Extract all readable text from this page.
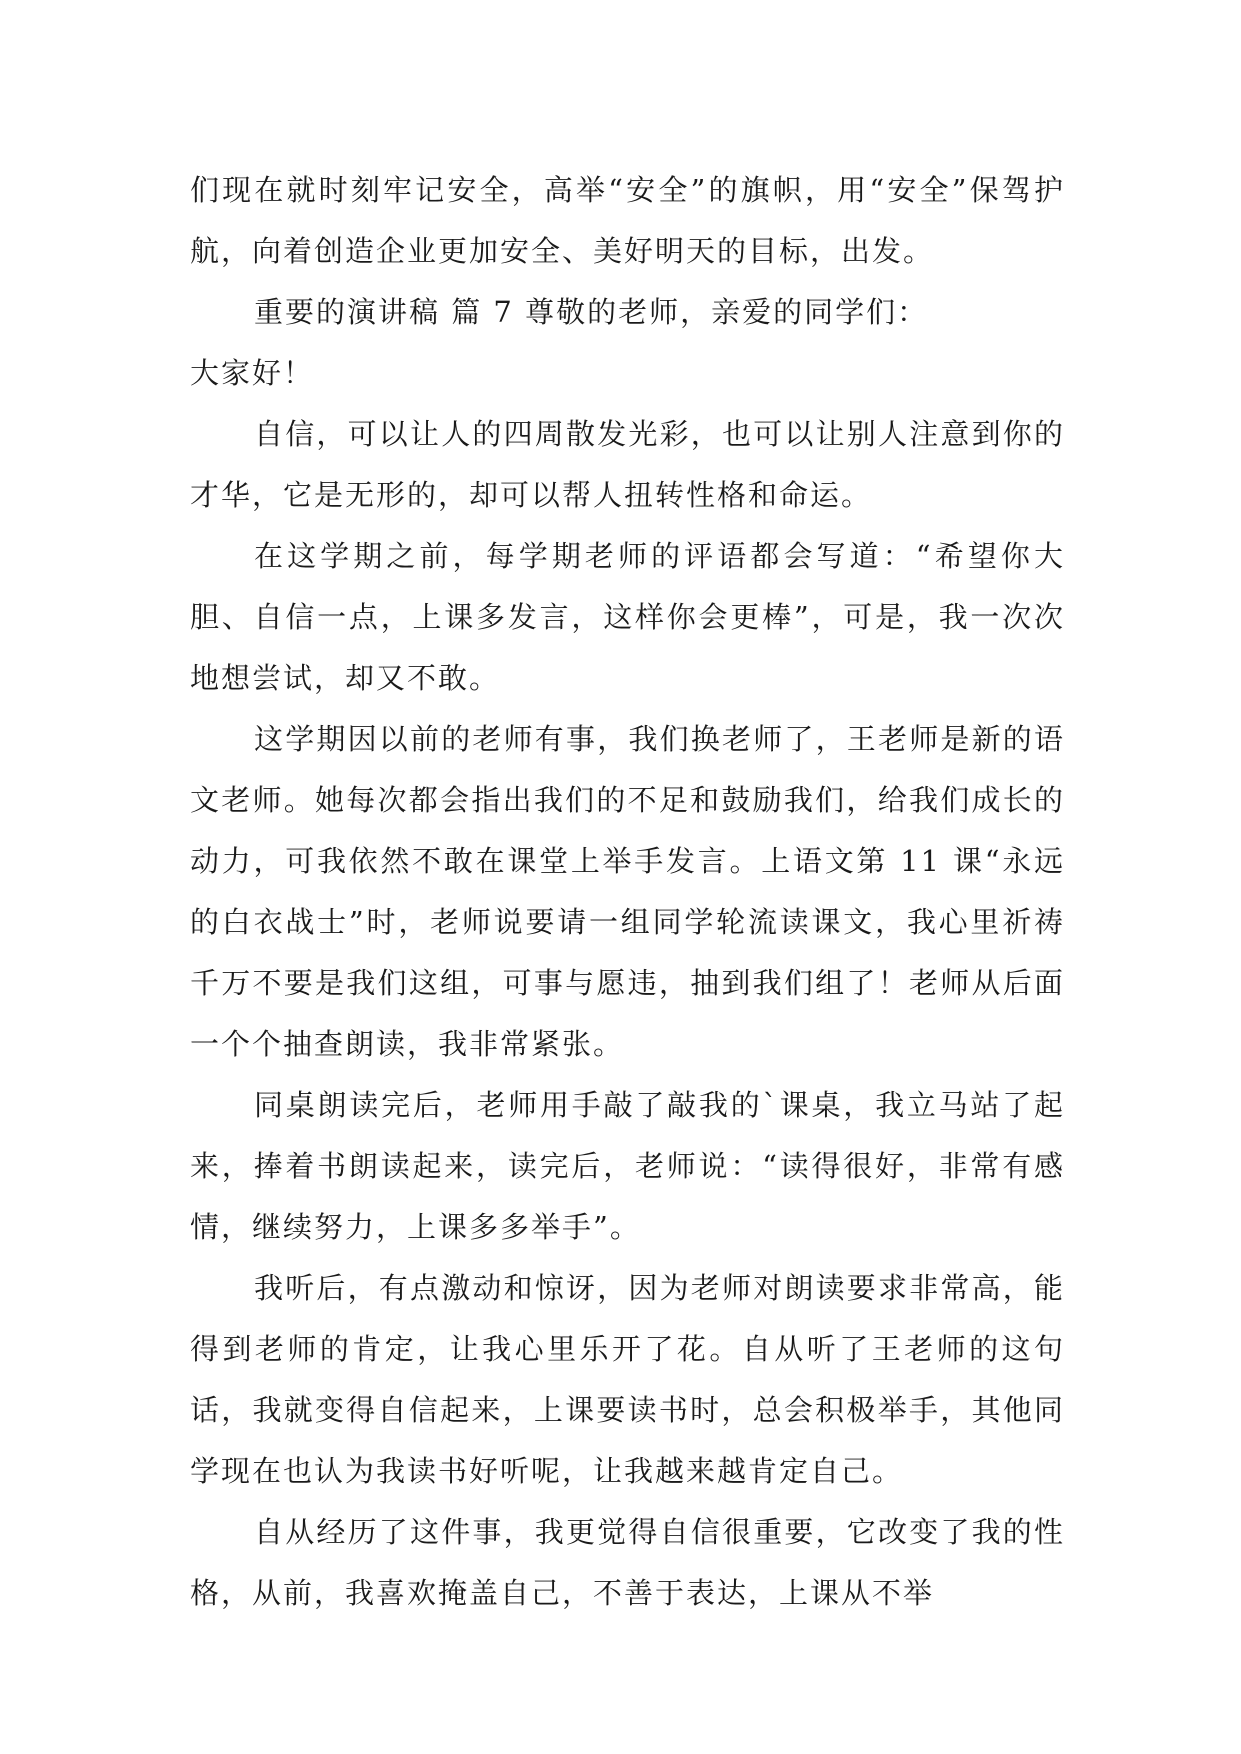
们现在就时刻牢记安全，高举“安全”的旗帜，用“安全”保驾护航，向着创造企业更加安全、美好明天的目标，出发。

重要的演讲稿 篇 7 尊敬的老师，亲爱的同学们：

大家好！

自信，可以让人的四周散发光彩，也可以让别人注意到你的才华，它是无形的，却可以帮人扭转性格和命运。

在这学期之前，每学期老师的评语都会写道：“希望你大胆、自信一点，上课多发言，这样你会更棒”，可是，我一次次地想尝试，却又不敢。

这学期因以前的老师有事，我们换老师了，王老师是新的语文老师。她每次都会指出我们的不足和鼓励我们，给我们成长的动力，可我依然不敢在课堂上举手发言。上语文第 11 课“永远的白衣战士”时，老师说要请一组同学轮流读课文，我心里祈祷千万不要是我们这组，可事与愿违，抽到我们组了！老师从后面一个个抽查朗读，我非常紧张。

同桌朗读完后，老师用手敲了敲我的`课桌，我立马站了起来，捧着书朗读起来，读完后，老师说：“读得很好，非常有感情，继续努力，上课多多举手”。

我听后，有点激动和惊讶，因为老师对朗读要求非常高，能得到老师的肯定，让我心里乐开了花。自从听了王老师的这句话，我就变得自信起来，上课要读书时，总会积极举手，其他同学现在也认为我读书好听呢，让我越来越肯定自己。

自从经历了这件事，我更觉得自信很重要，它改变了我的性格，从前，我喜欢掩盖自己，不善于表达，上课从不举
